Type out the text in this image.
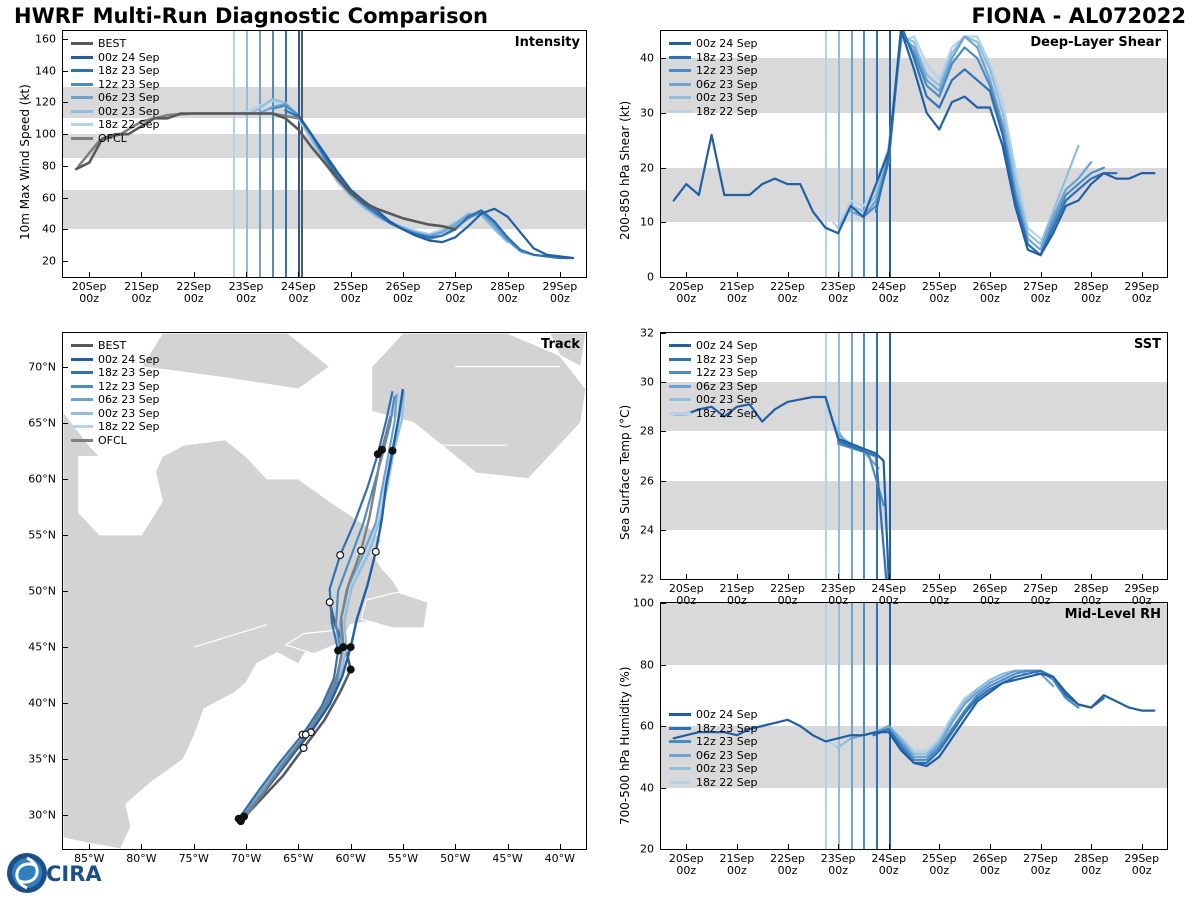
HWRF Multi-Run Diagnostic Comparison	FIONA - AL072022
Intensity
BEST
00z 24 Sep
18z 23 Sep
12z 23 Sep
06z 23 Sep
00z 23 Sep
18z 22 Sep
OFCL
10m Max Wind Speed (kt)
Track
BEST
00z 24 Sep
18z 23 Sep
12z 23 Sep
06z 23 Sep
00z 23 Sep
18z 22 Sep
OFCL
Deep-Layer Shear
00z 24 Sep
18z 23 Sep
12z 23 Sep
06z 23 Sep
00z 23 Sep
18z 22 Sep
200-850 hPa Shear (kt)
SST
00z 24 Sep
18z 23 Sep
12z 23 Sep
06z 23 Sep
00z 23 Sep
18z 22 Sep
Sea Surface Temp (°C)
Mid-Level RH
00z 24 Sep
18z 23 Sep
12z 23 Sep
06z 23 Sep
00z 23 Sep
18z 22 Sep
700-500 hPa Humidity (%)
CIRA
20
40
60
80
100
120
140
160
20Sep
00z
21Sep
00z
22Sep
00z
23Sep
00z
24Sep
00z
25Sep
00z
26Sep
00z
27Sep
00z
28Sep
00z
29Sep
00z
0
10
20
30
40
20Sep
00z
21Sep
00z
22Sep
00z
23Sep
00z
24Sep
00z
25Sep
00z
26Sep
00z
27Sep
00z
28Sep
00z
29Sep
00z
22
24
26
28
30
32
20Sep
00z
21Sep
00z
22Sep
00z
23Sep
00z
24Sep
00z
25Sep
00z
26Sep
00z
27Sep
00z
28Sep
00z
29Sep
00z
20
40
60
80
100
20Sep
00z
21Sep
00z
22Sep
00z
23Sep
00z
24Sep
00z
25Sep
00z
26Sep
00z
27Sep
00z
28Sep
00z
29Sep
00z
85°W 80°W 75°W 70°W 65°W 60°W 55°W 50°W 45°W 40°W
30°N
35°N
40°N
45°N
50°N
55°N
60°N
65°N
70°N
